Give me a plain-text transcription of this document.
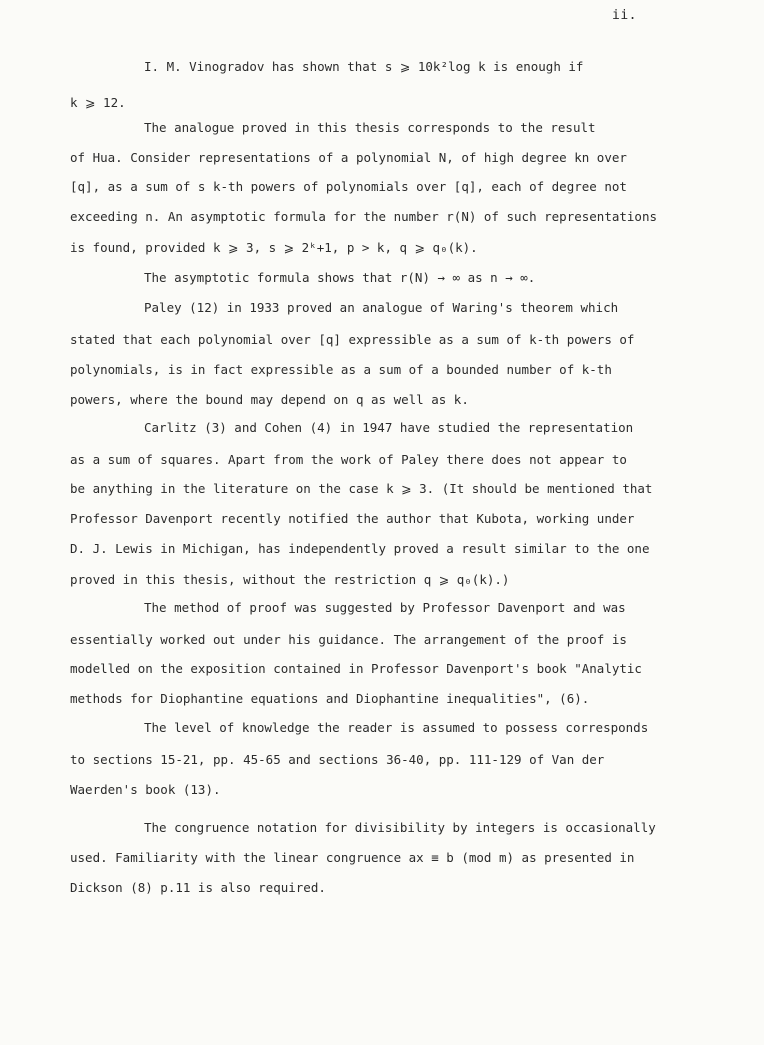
ii.
I. M. Vinogradov has shown that s ⩾ 10k²log k is enough if
k ⩾ 12.
The analogue proved in this thesis corresponds to the result
of Hua. Consider representations of a polynomial N, of high degree kn over
[q], as a sum of s k-th powers of polynomials over [q], each of degree not
exceeding n. An asymptotic formula for the number r(N) of such representations
is found, provided k ⩾ 3, s ⩾ 2ᵏ+1, p > k, q ⩾ q₀(k).
The asymptotic formula shows that r(N) → ∞ as n → ∞.
Paley (12) in 1933 proved an analogue of Waring's theorem which
stated that each polynomial over [q] expressible as a sum of k-th powers of
polynomials, is in fact expressible as a sum of a bounded number of k-th
powers, where the bound may depend on q as well as k.
Carlitz (3) and Cohen (4) in 1947 have studied the representation
as a sum of squares. Apart from the work of Paley there does not appear to
be anything in the literature on the case k ⩾ 3. (It should be mentioned that
Professor Davenport recently notified the author that Kubota, working under
D. J. Lewis in Michigan, has independently proved a result similar to the one
proved in this thesis, without the restriction q ⩾ q₀(k).)
The method of proof was suggested by Professor Davenport and was
essentially worked out under his guidance. The arrangement of the proof is
modelled on the exposition contained in Professor Davenport's book "Analytic
methods for Diophantine equations and Diophantine inequalities", (6).
The level of knowledge the reader is assumed to possess corresponds
to sections 15-21, pp. 45-65 and sections 36-40, pp. 111-129 of Van der
Waerden's book (13).
The congruence notation for divisibility by integers is occasionally
used. Familiarity with the linear congruence ax ≡ b (mod m) as presented in
Dickson (8) p.11 is also required.
